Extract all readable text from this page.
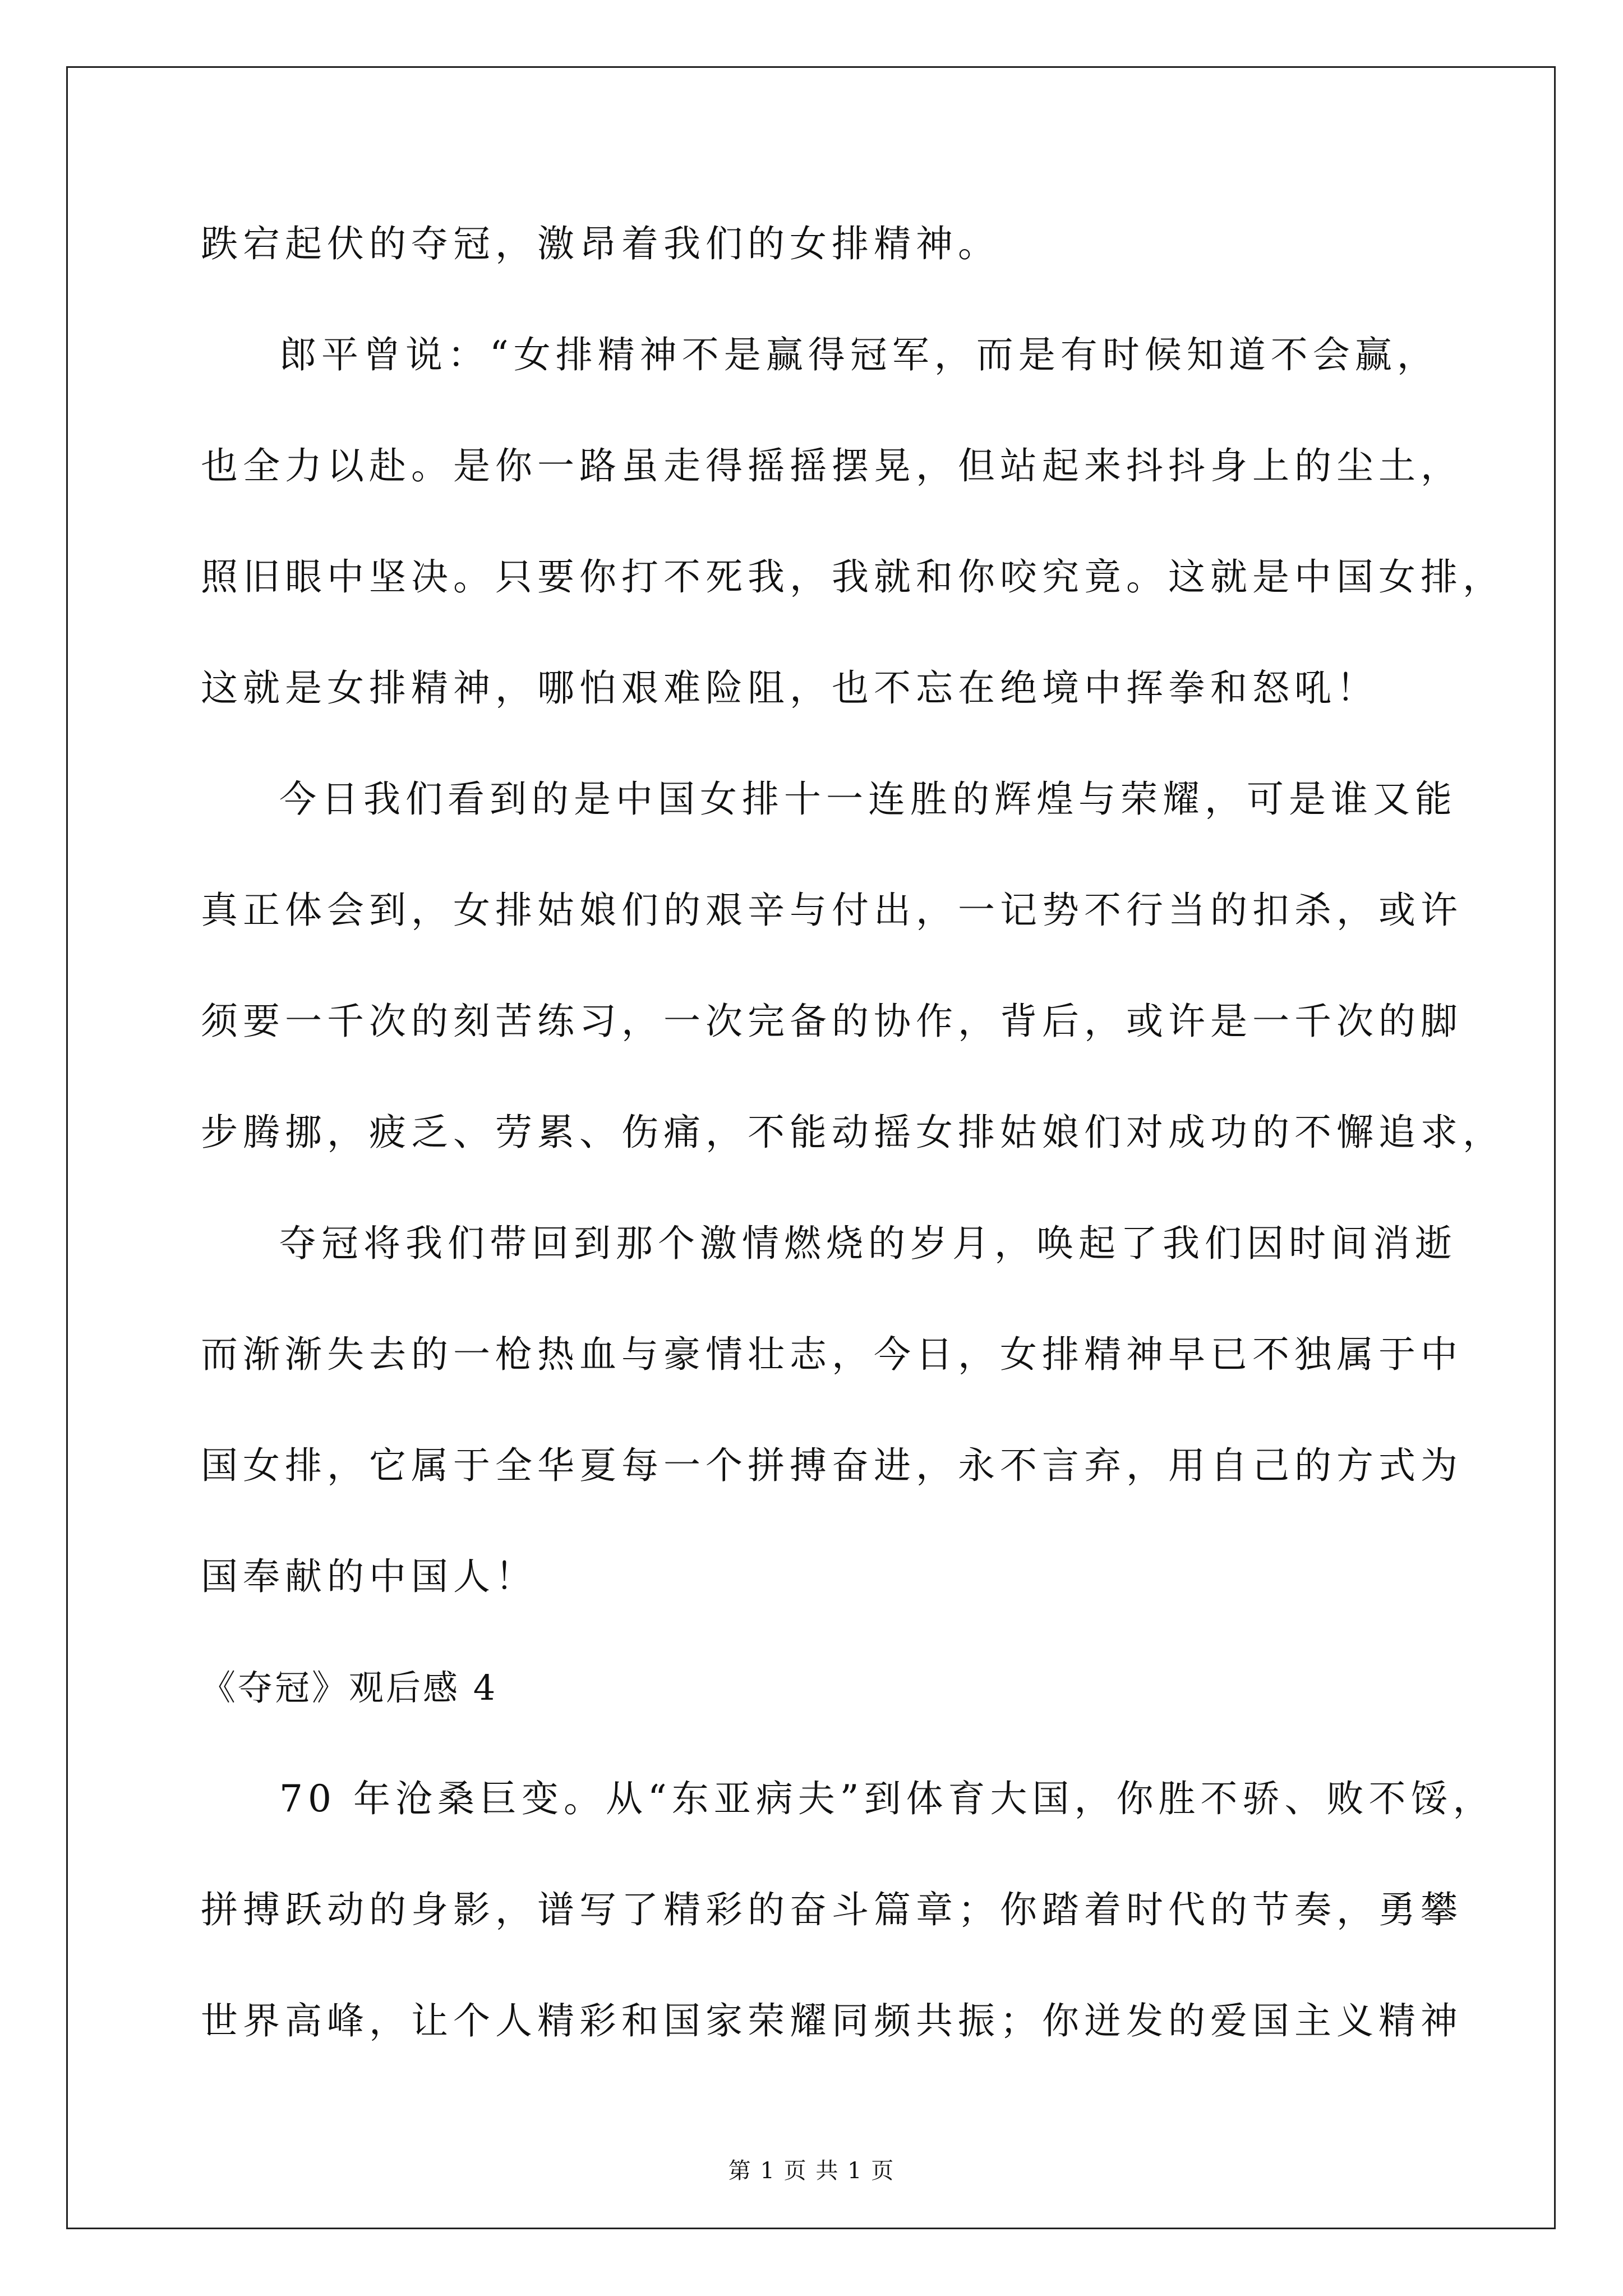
跌宕起伏的夺冠，激昂着我们的女排精神。
郎平曾说：“女排精神不是赢得冠军，而是有时候知道不会赢，
也全力以赴。是你一路虽走得摇摇摆晃，但站起来抖抖身上的尘土，
照旧眼中坚决。只要你打不死我，我就和你咬究竟。这就是中国女排，
这就是女排精神，哪怕艰难险阻，也不忘在绝境中挥拳和怒吼！
今日我们看到的是中国女排十一连胜的辉煌与荣耀，可是谁又能
真正体会到，女排姑娘们的艰辛与付出，一记势不行当的扣杀，或许
须要一千次的刻苦练习，一次完备的协作，背后，或许是一千次的脚
步腾挪，疲乏、劳累、伤痛，不能动摇女排姑娘们对成功的不懈追求，
夺冠将我们带回到那个激情燃烧的岁月，唤起了我们因时间消逝
而渐渐失去的一枪热血与豪情壮志，今日，女排精神早已不独属于中
国女排，它属于全华夏每一个拼搏奋进，永不言弃，用自己的方式为
国奉献的中国人！
《夺冠》观后感 4
70 年沧桑巨变。从“东亚病夫”到体育大国，你胜不骄、败不馁，
拼搏跃动的身影，谱写了精彩的奋斗篇章；你踏着时代的节奏，勇攀
世界高峰，让个人精彩和国家荣耀同频共振；你迸发的爱国主义精神
第 1 页 共 1 页
